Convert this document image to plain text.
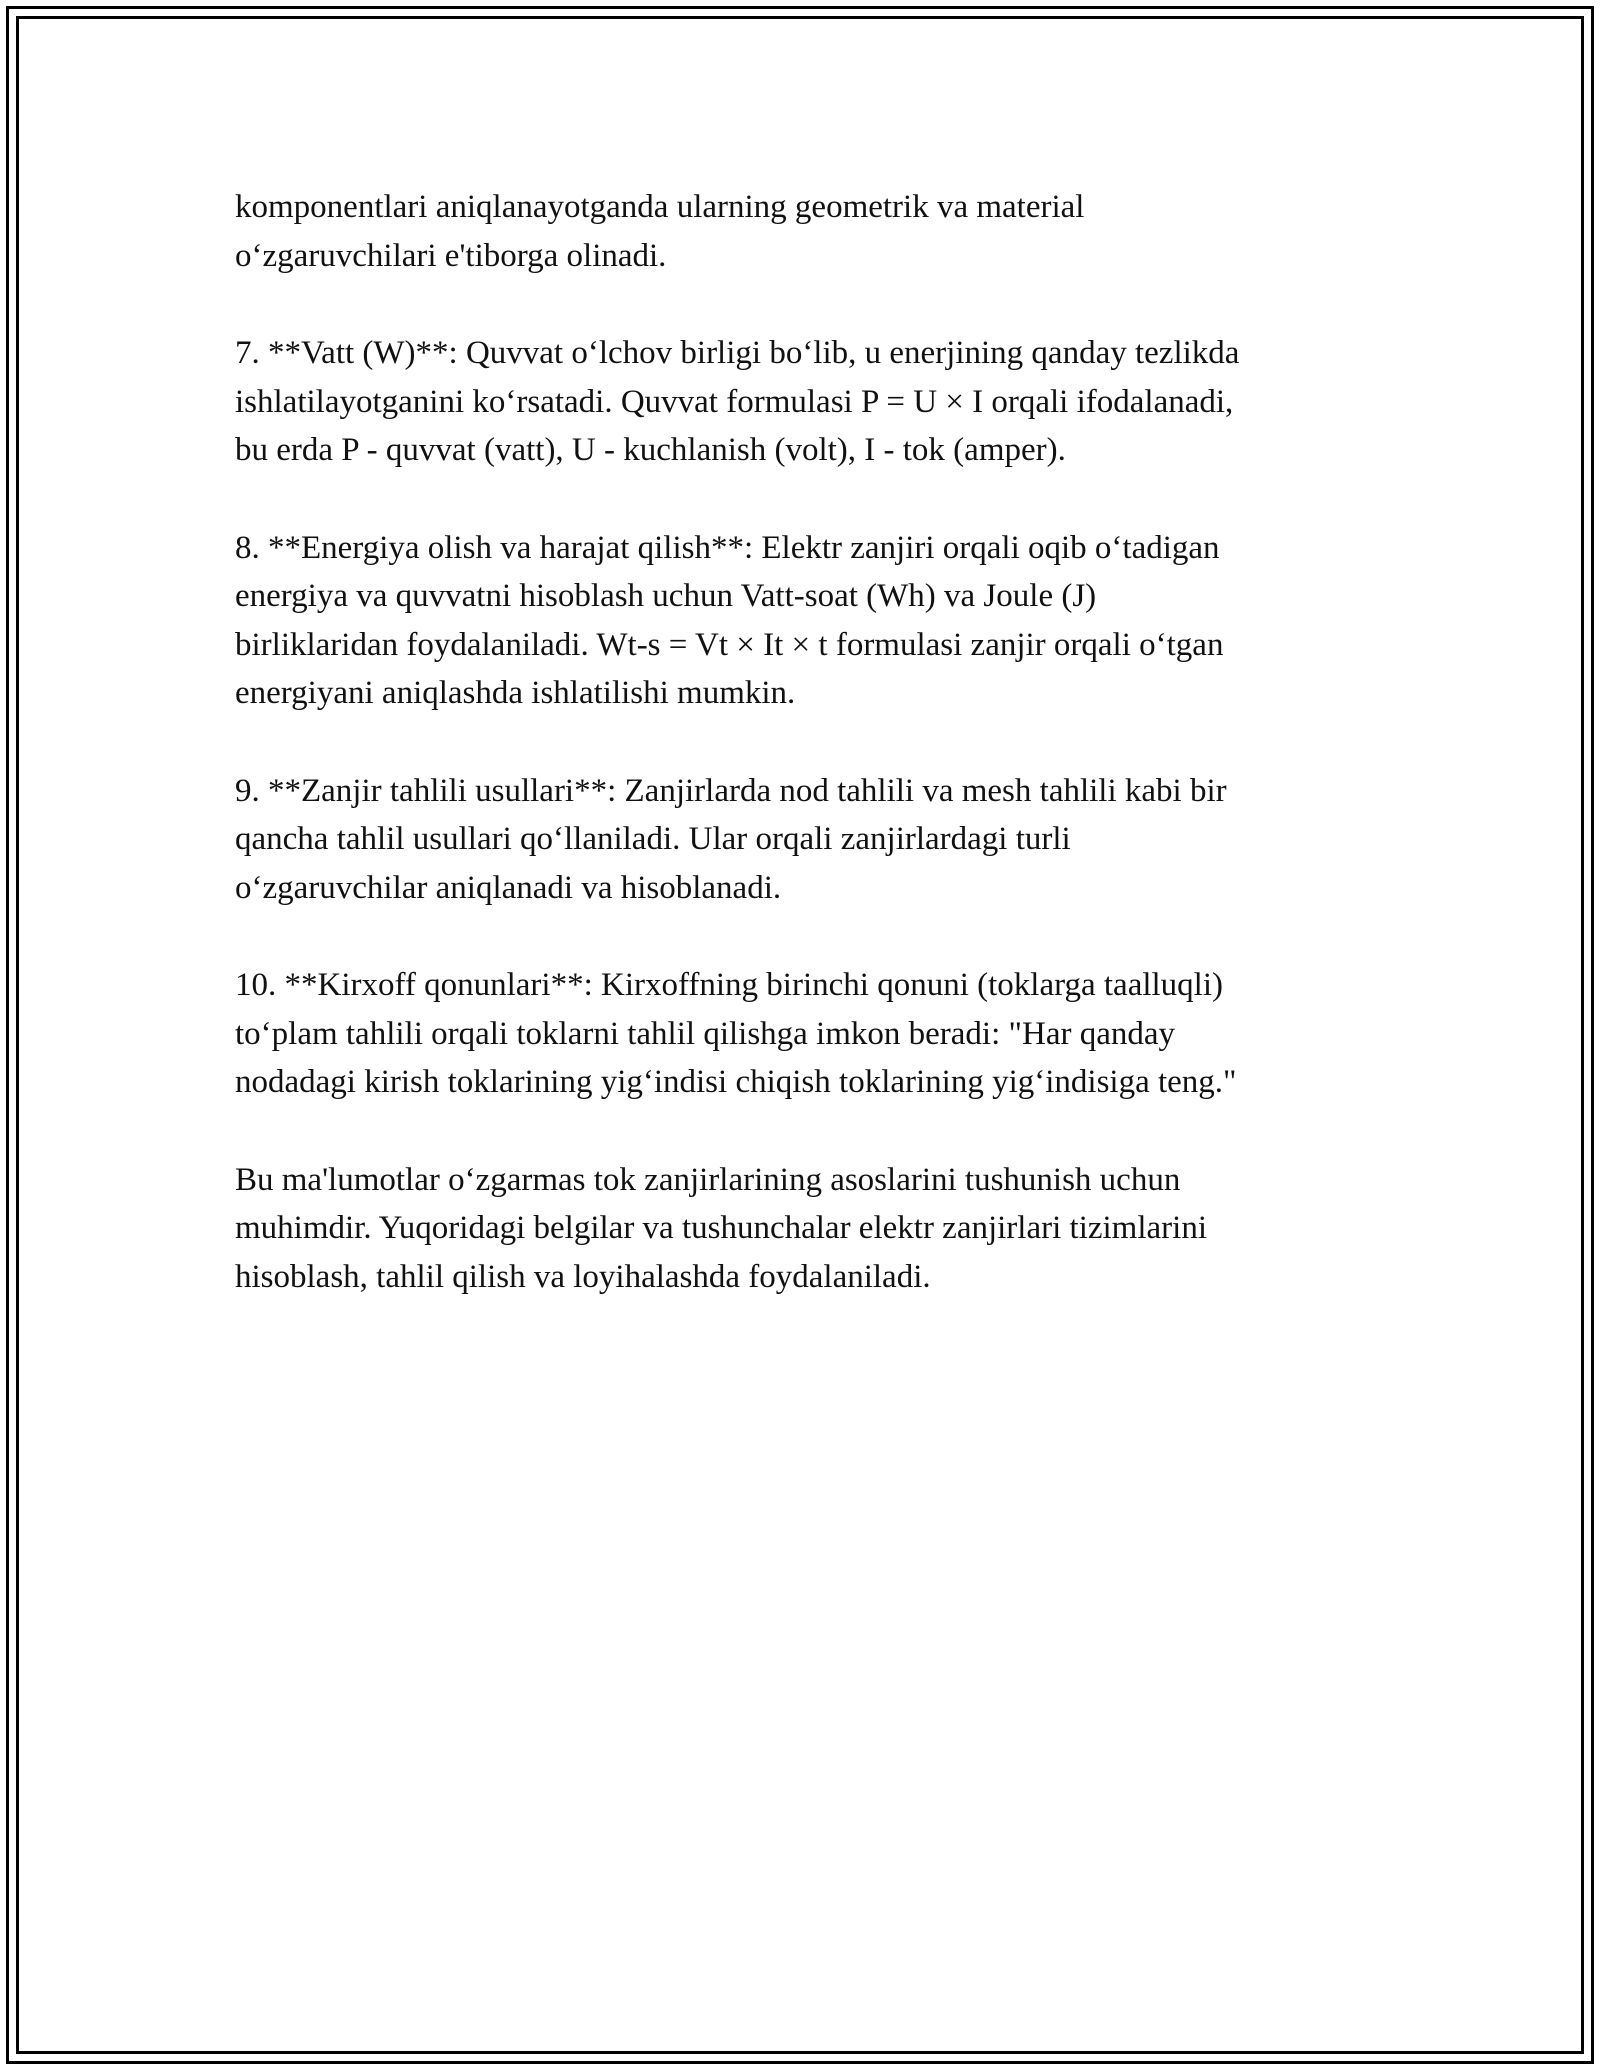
komponentlari aniqlanayotganda ularning geometrik va material
o‘zgaruvchilari e'tiborga olinadi.

7. **Vatt (W)**: Quvvat o‘lchov birligi bo‘lib, u enerjining qanday tezlikda
ishlatilayotganini ko‘rsatadi. Quvvat formulasi P = U × I orqali ifodalanadi,
bu erda P - quvvat (vatt), U - kuchlanish (volt), I - tok (amper).

8. **Energiya olish va harajat qilish**: Elektr zanjiri orqali oqib o‘tadigan
energiya va quvvatni hisoblash uchun Vatt-soat (Wh) va Joule (J)
birliklaridan foydalaniladi. Wt-s = Vt × It × t formulasi zanjir orqali o‘tgan
energiyani aniqlashda ishlatilishi mumkin.

9. **Zanjir tahlili usullari**: Zanjirlarda nod tahlili va mesh tahlili kabi bir
qancha tahlil usullari qo‘llaniladi. Ular orqali zanjirlardagi turli
o‘zgaruvchilar aniqlanadi va hisoblanadi.

10. **Kirxoff qonunlari**: Kirxoffning birinchi qonuni (toklarga taalluqli)
to‘plam tahlili orqali toklarni tahlil qilishga imkon beradi: "Har qanday
nodadagi kirish toklarining yig‘indisi chiqish toklarining yig‘indisiga teng."

Bu ma'lumotlar o‘zgarmas tok zanjirlarining asoslarini tushunish uchun
muhimdir. Yuqoridagi belgilar va tushunchalar elektr zanjirlari tizimlarini
hisoblash, tahlil qilish va loyihalashda foydalaniladi.
